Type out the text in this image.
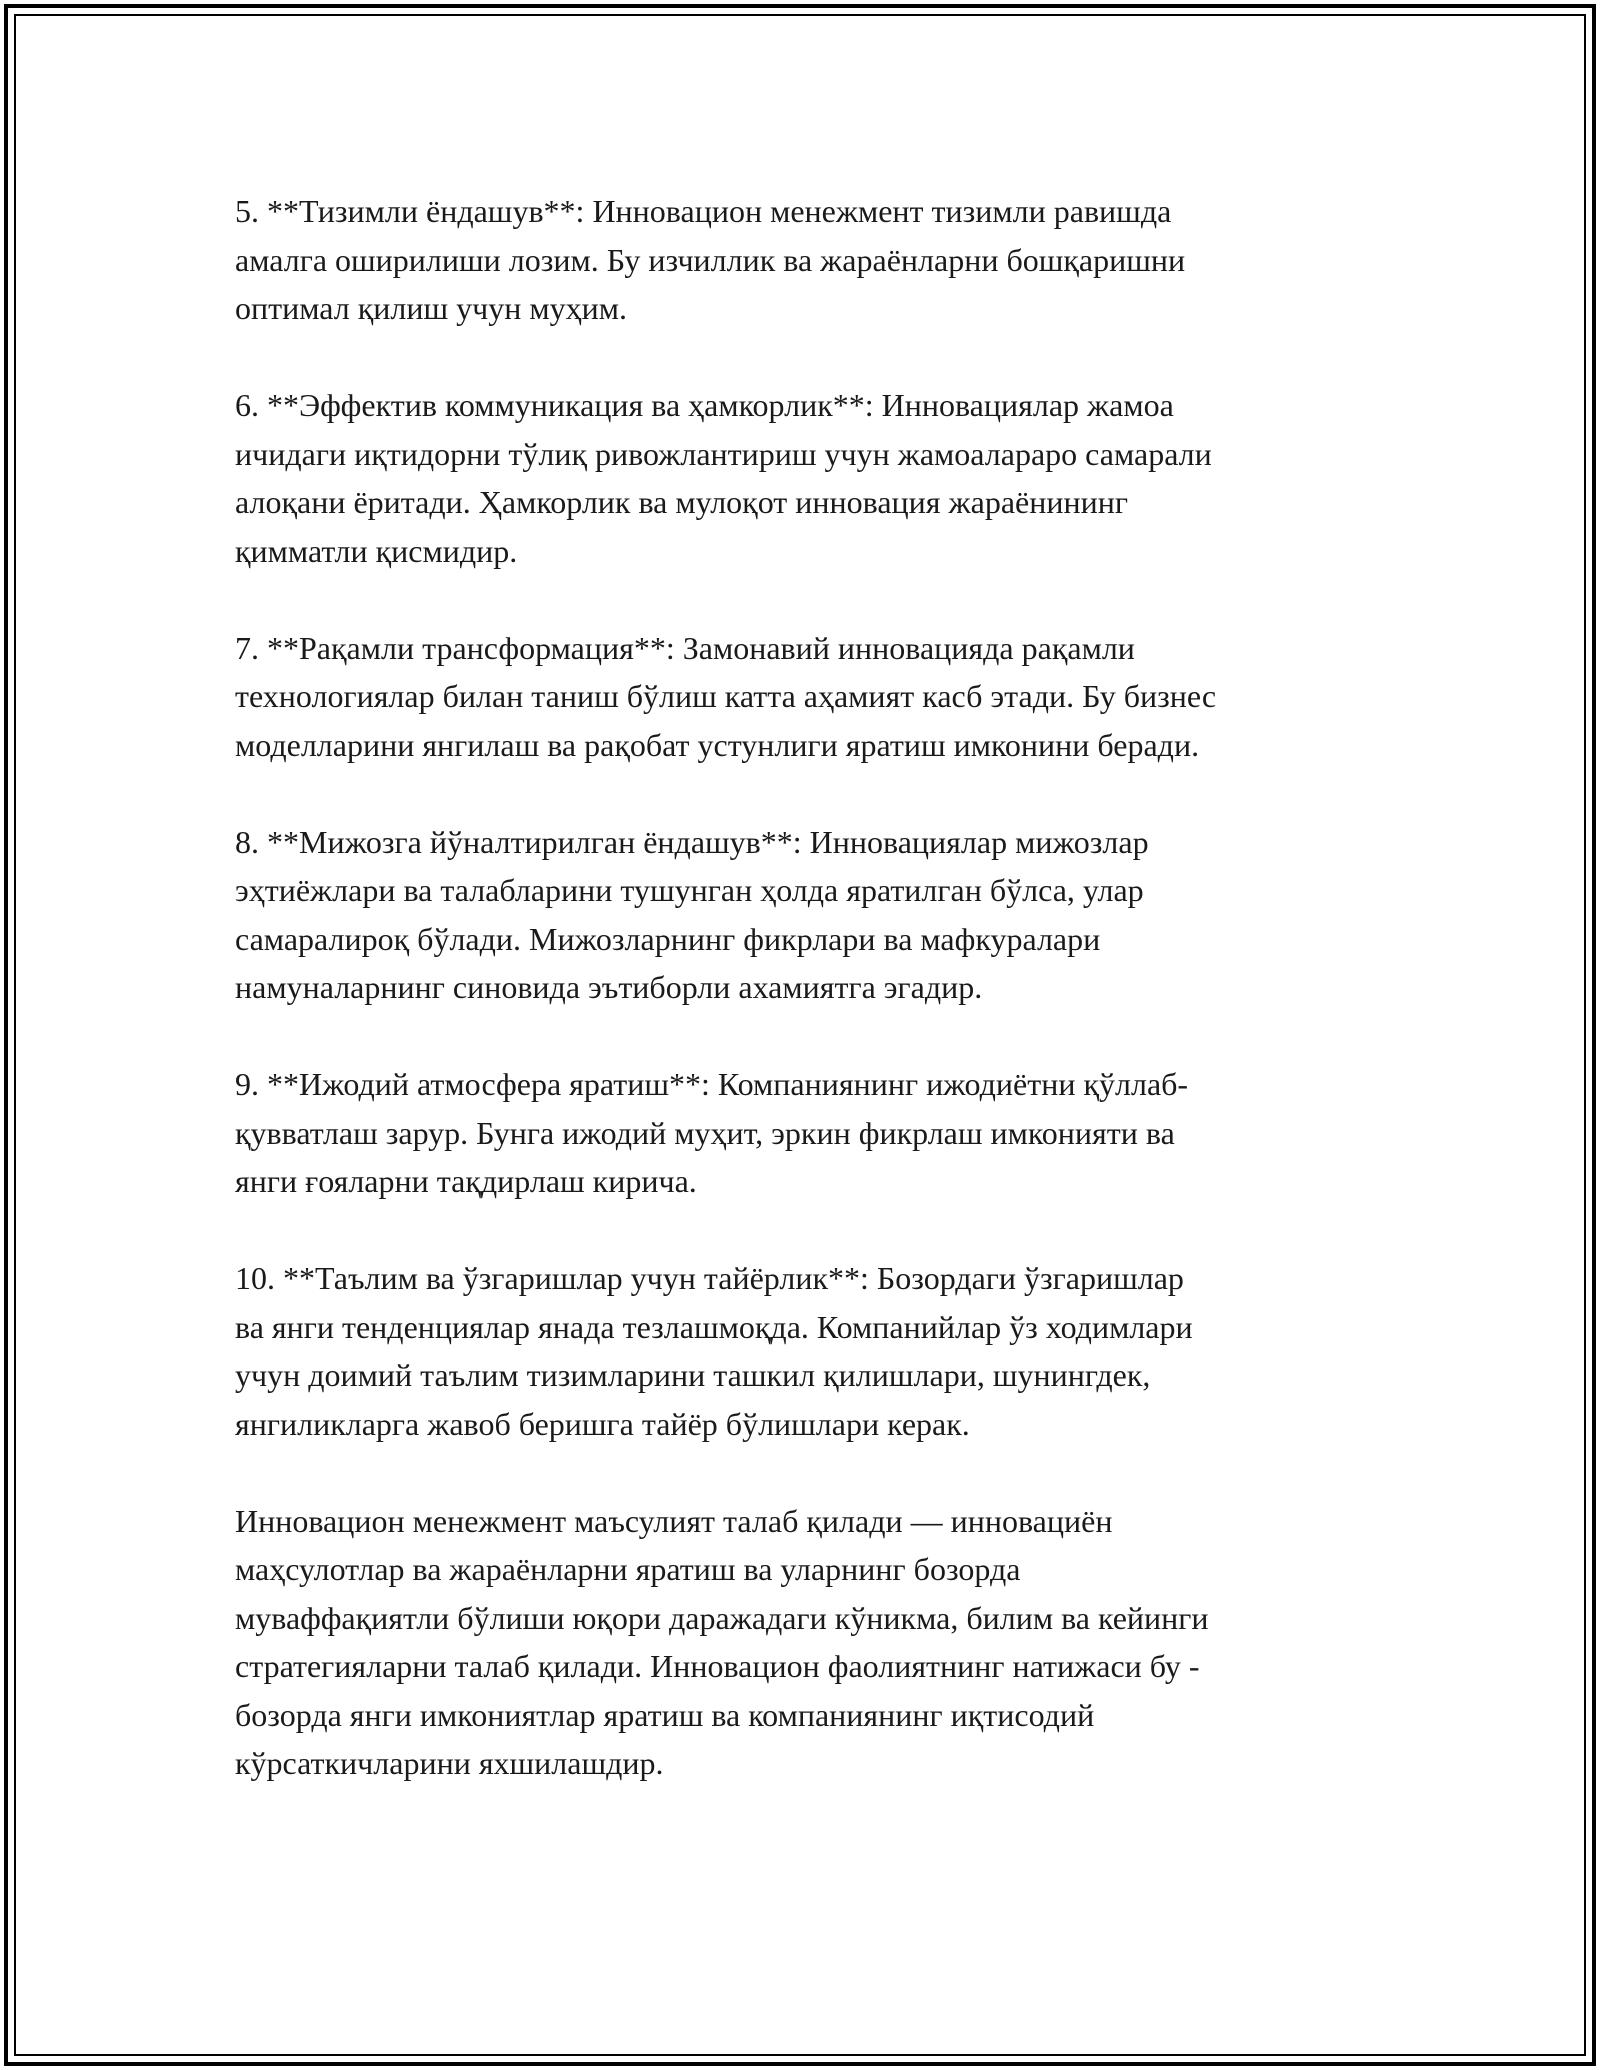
5. **Тизимли ёндашув**: Инновацион менежмент тизимли равишда
амалга оширилиши лозим. Бу изчиллик ва жараёнларни бошқаришни
оптимал қилиш учун муҳим.

6. **Эффектив коммуникация ва ҳамкорлик**: Инновациялар жамоа
ичидаги иқтидорни тўлиқ ривожлантириш учун жамоалараро самарали
алоқани ёритади. Ҳамкорлик ва мулоқот инновация жараёнининг
қимматли қисмидир.

7. **Рақамли трансформация**: Замонавий инновацияда рақамли
технологиялар билан таниш бўлиш катта аҳамият касб этади. Бу бизнес
моделларини янгилаш ва рақобат устунлиги яратиш имконини беради.

8. **Мижозга йўналтирилган ёндашув**: Инновациялар мижозлар
эҳтиёжлари ва талабларини тушунган ҳолда яратилган бўлса, улар
самаралироқ бўлади. Мижозларнинг фикрлари ва мафкуралари
намуналарнинг синовида эътиборли ахамиятга эгадир.

9. **Ижодий атмосфера яратиш**: Компаниянинг ижодиётни қўллаб-
қувватлаш зарур. Бунга ижодий муҳит, эркин фикрлаш имконияти ва
янги ғояларни тақдирлаш кирича.

10. **Таълим ва ўзгаришлар учун тайёрлик**: Бозордаги ўзгаришлар
ва янги тенденциялар янада тезлашмоқда. Компанийлар ўз ходимлари
учун доимий таълим тизимларини ташкил қилишлари, шунингдек,
янгиликларга жавоб беришга тайёр бўлишлари керак.

Инновацион менежмент маъсулият талаб қилади — инновациён
маҳсулотлар ва жараёнларни яратиш ва уларнинг бозорда
муваффақиятли бўлиши юқори даражадаги кўникма, билим ва кейинги
стратегияларни талаб қилади. Инновацион фаолиятнинг натижаси бу -
бозорда янги имкониятлар яратиш ва компаниянинг иқтисодий
кўрсаткичларини яхшилашдир.
